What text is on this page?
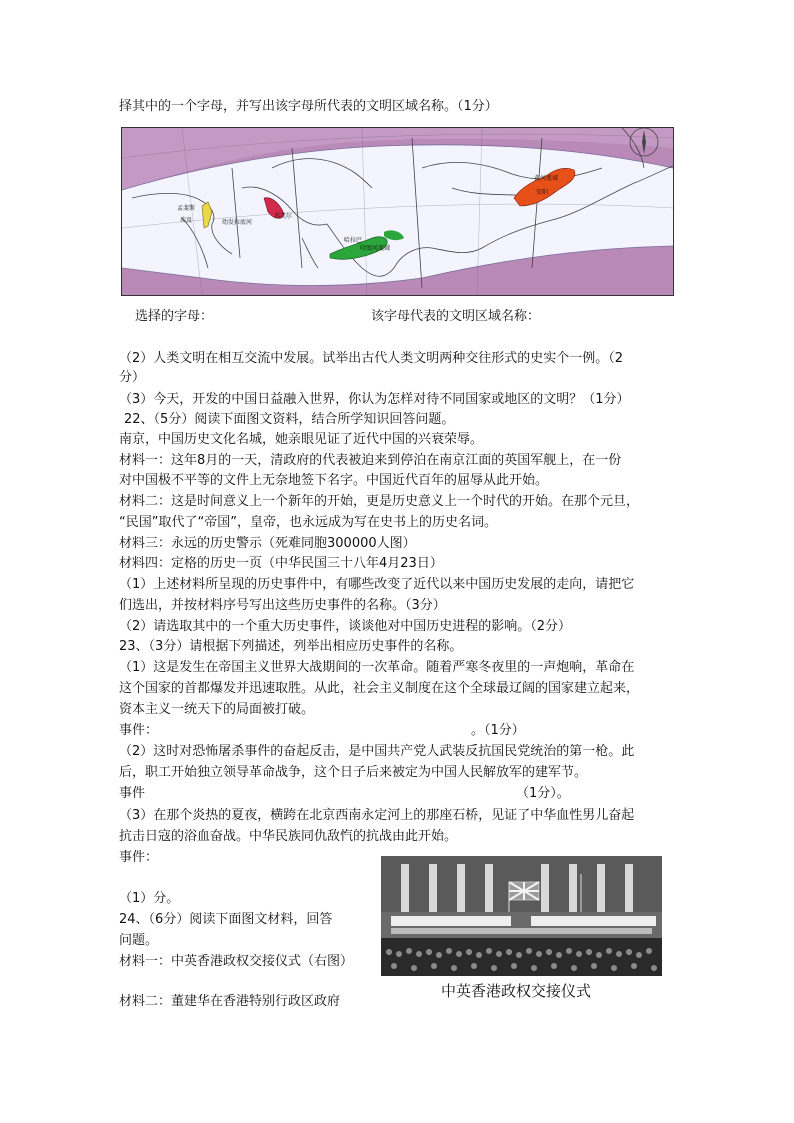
择其中的一个字母，并写出该字母所代表的文明区域名称。（1分）
孟斐斯
埃及	幼发拉底河
苏美尔
哈拉巴
印度河流域
黄河流域
安阳
选择的字母：	该字母代表的文明区域名称：
（2）人类文明在相互交流中发展。试举出古代人类文明两种交往形式的史实个一例。（2
分）
（3）今天，开发的中国日益融入世界，你认为怎样对待不同国家或地区的文明？（1分）
22、（5分）阅读下面图文资料，结合所学知识回答问题。
南京，中国历史文化名城，她亲眼见证了近代中国的兴衰荣辱。
材料一：这年8月的一天，清政府的代表被迫来到停泊在南京江面的英国军舰上，在一份
对中国极不平等的文件上无奈地签下名字。中国近代百年的屈辱从此开始。
材料二：这是时间意义上一个新年的开始，更是历史意义上一个时代的开始。在那个元旦，
“民国”取代了“帝国”，皇帝，也永远成为写在史书上的历史名词。
材料三：永远的历史警示（死难同胞300000人图）
材料四：定格的历史一页（中华民国三十八年4月23日）
（1）上述材料所呈现的历史事件中，有哪些改变了近代以来中国历史发展的走向，请把它
们选出，并按材料序号写出这些历史事件的名称。（3分）
（2）请选取其中的一个重大历史事件，谈谈他对中国历史进程的影响。（2分）
23、（3分）请根据下列描述，列举出相应历史事件的名称。
（1）这是发生在帝国主义世界大战期间的一次革命。随着严寒冬夜里的一声炮响，革命在
这个国家的首都爆发并迅速取胜。从此，社会主义制度在这个全球最辽阔的国家建立起来，
资本主义一统天下的局面被打破。
事件：	。（1分）
（2）这时对恐怖屠杀事件的奋起反击，是中国共产党人武装反抗国民党统治的第一枪。此
后，职工开始独立领导革命战争，这个日子后来被定为中国人民解放军的建军节。
事件	（1分）。
（3）在那个炎热的夏夜，横跨在北京西南永定河上的那座石桥，见证了中华血性男儿奋起
抗击日寇的浴血奋战。中华民族同仇敌忾的抗战由此开始。
事件：
（1）分。
24、（6分）阅读下面图文材料，回答
问题。
材料一：中英香港政权交接仪式（右图）
材料二：董建华在香港特别行政区政府
中英香港政权交接仪式
